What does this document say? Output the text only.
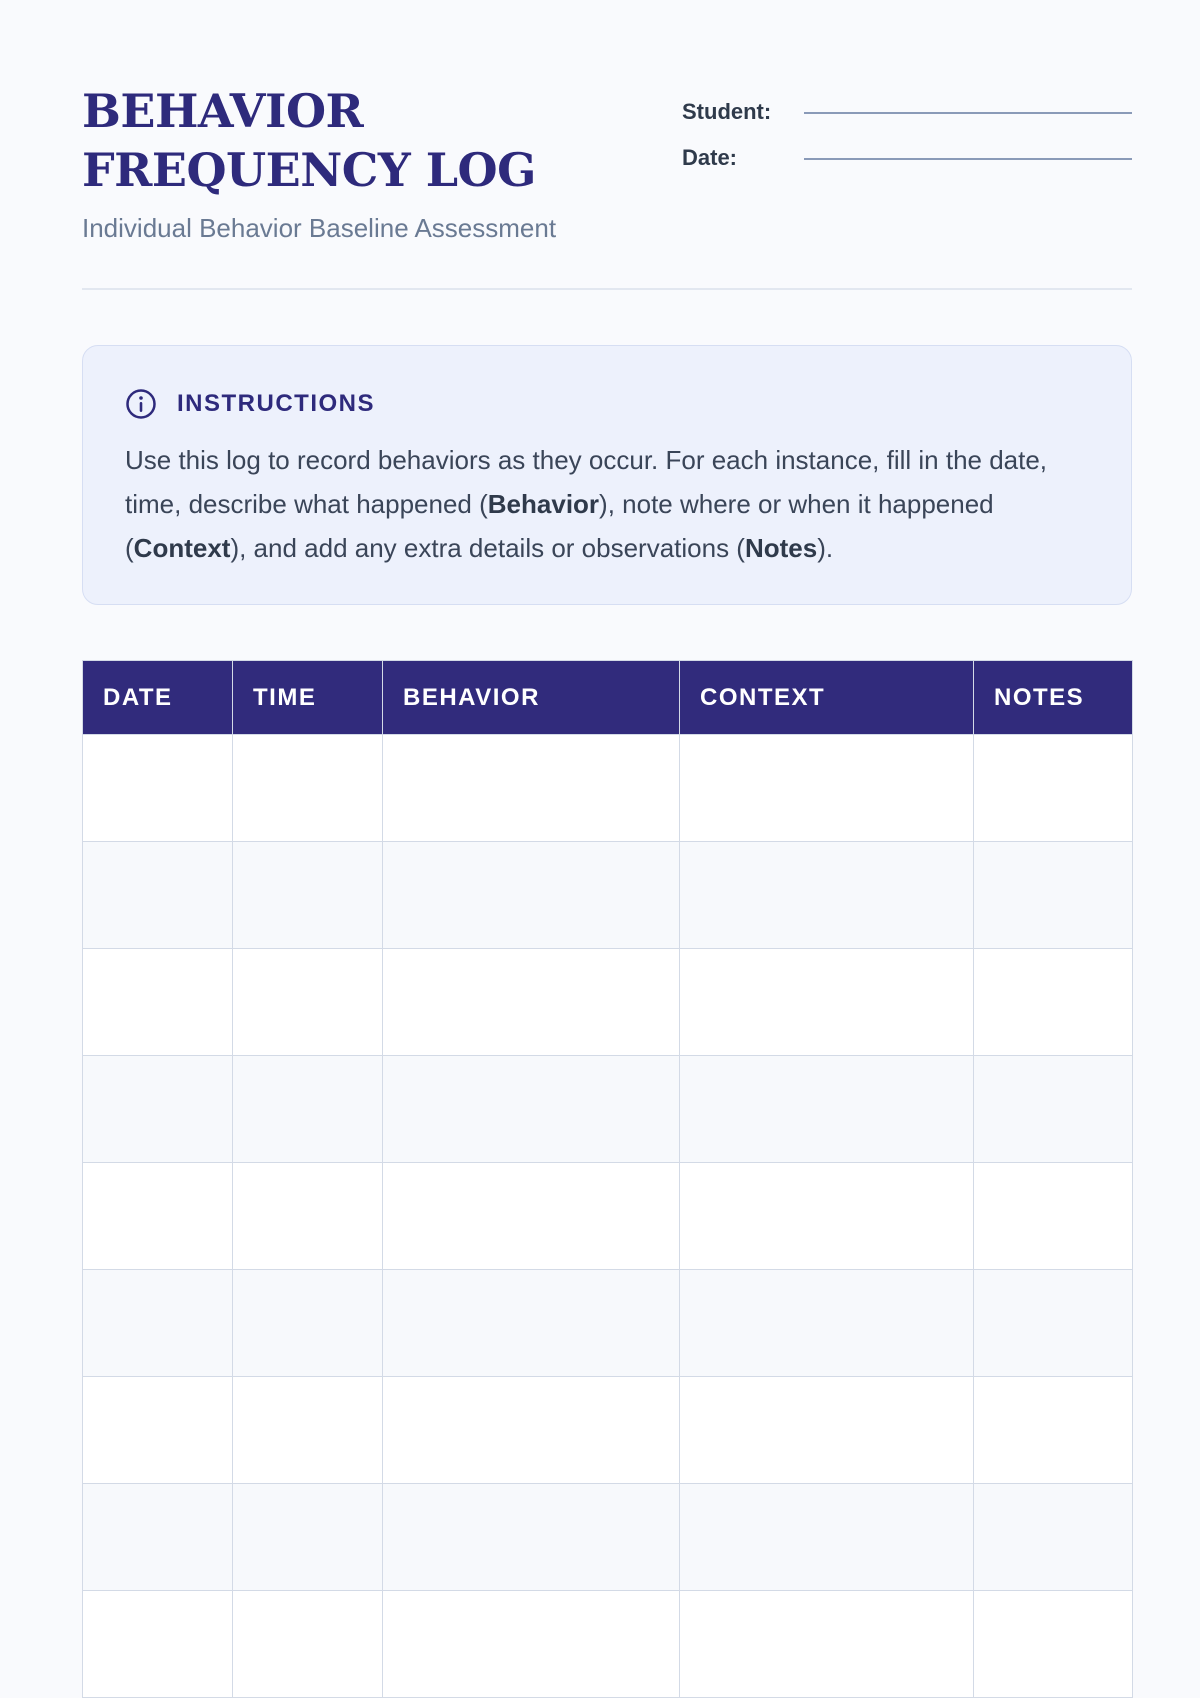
BEHAVIOR FREQUENCY LOG
Individual Behavior Baseline Assessment
Student:
Date:
INSTRUCTIONS
Use this log to record behaviors as they occur. For each instance, fill in the date, time, describe what happened (Behavior), note where or when it happened (Context), and add any extra details or observations (Notes).
DATE	TIME	BEHAVIOR	CONTEXT	NOTES
